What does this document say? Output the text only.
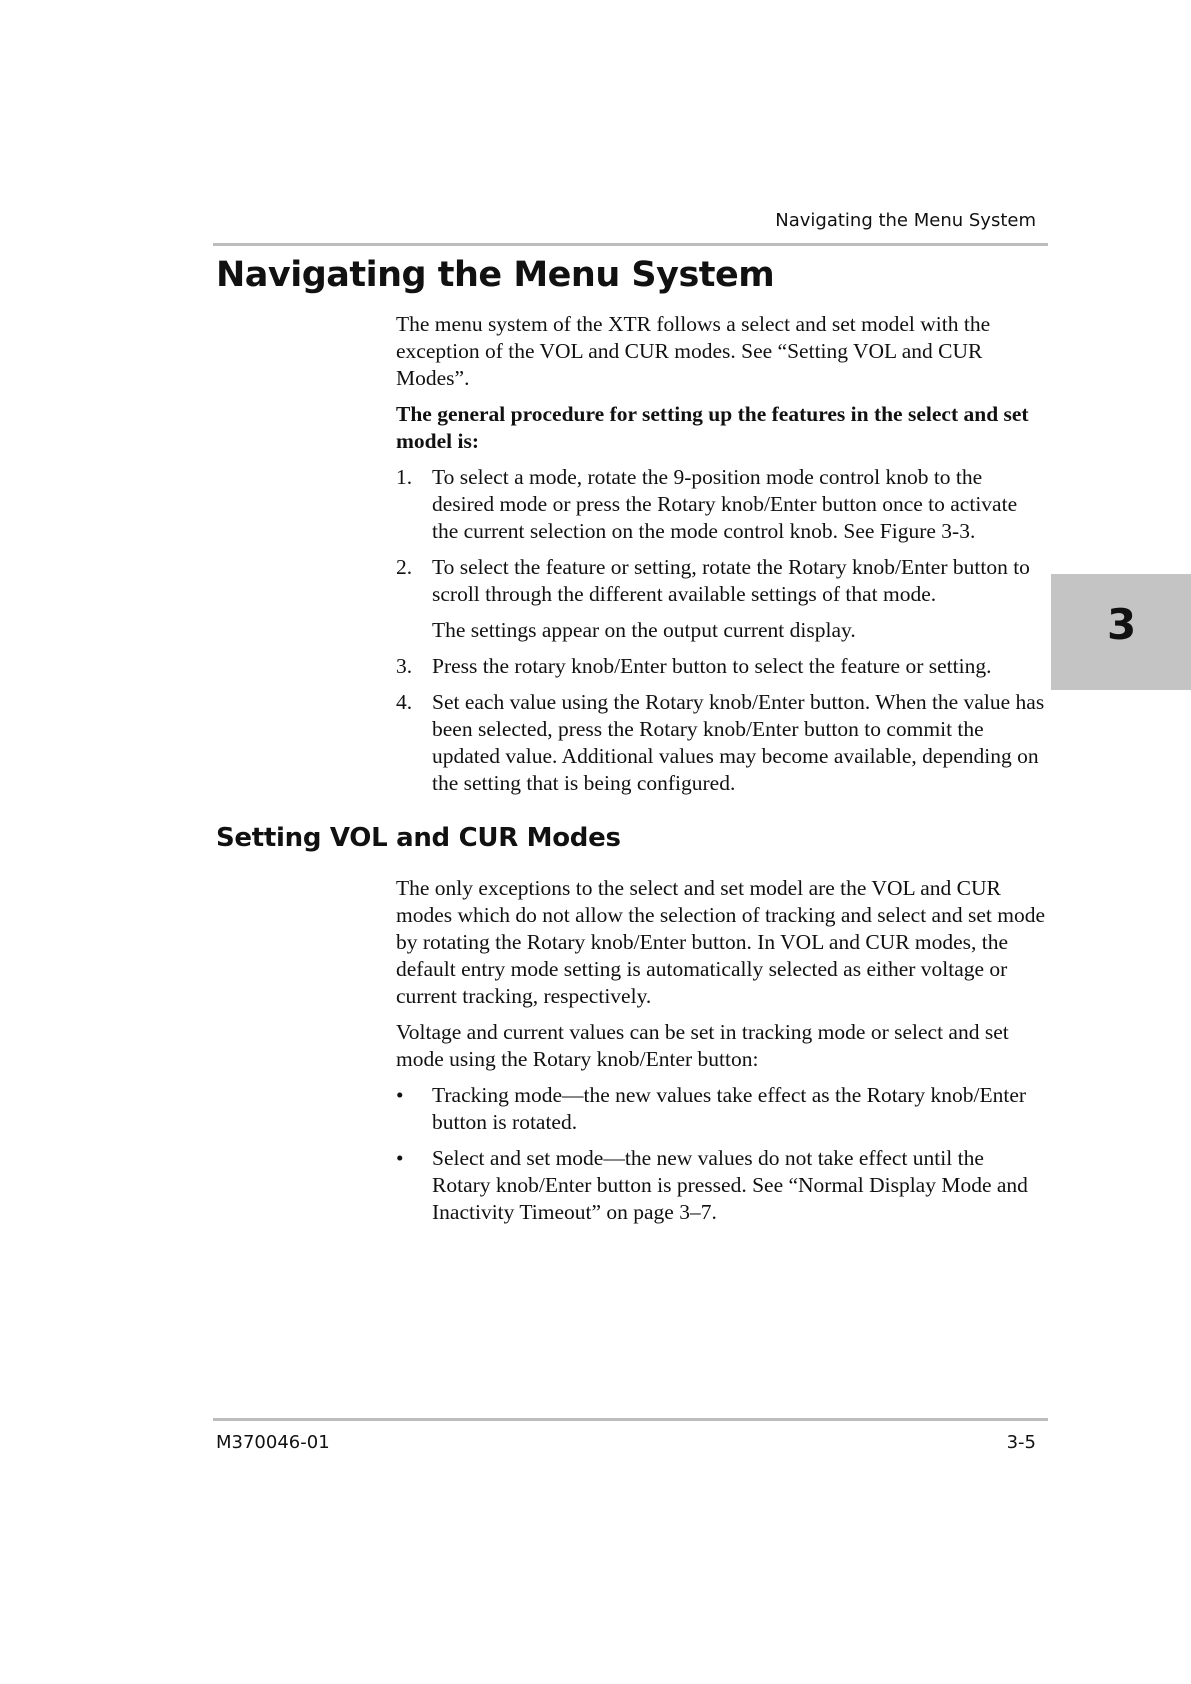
Navigating the Menu System
3
Navigating the Menu System

The menu system of the XTR follows a select and set model with the exception of the VOL and CUR modes. See “Setting VOL and CUR Modes”.

The general procedure for setting up the features in the select and set model is:

1. To select a mode, rotate the 9-position mode control knob to the desired mode or press the Rotary knob/Enter button once to activate the current selection on the mode control knob. See Figure 3-3.
2. To select the feature or setting, rotate the Rotary knob/Enter button to scroll through the different available settings of that mode.
The settings appear on the output current display.
3. Press the rotary knob/Enter button to select the feature or setting.
4. Set each value using the Rotary knob/Enter button. When the value has been selected, press the Rotary knob/Enter button to commit the updated value. Additional values may become available, depending on the setting that is being configured.
Setting VOL and CUR Modes

The only exceptions to the select and set model are the VOL and CUR modes which do not allow the selection of tracking and select and set mode by rotating the Rotary knob/Enter button. In VOL and CUR modes, the default entry mode setting is automatically selected as either voltage or current tracking, respectively.

Voltage and current values can be set in tracking mode or select and set mode using the Rotary knob/Enter button:

• Tracking mode—the new values take effect as the Rotary knob/Enter button is rotated.
• Select and set mode—the new values do not take effect until the Rotary knob/Enter button is pressed. See “Normal Display Mode and Inactivity Timeout” on page 3–7.
M370046-01	3-5
